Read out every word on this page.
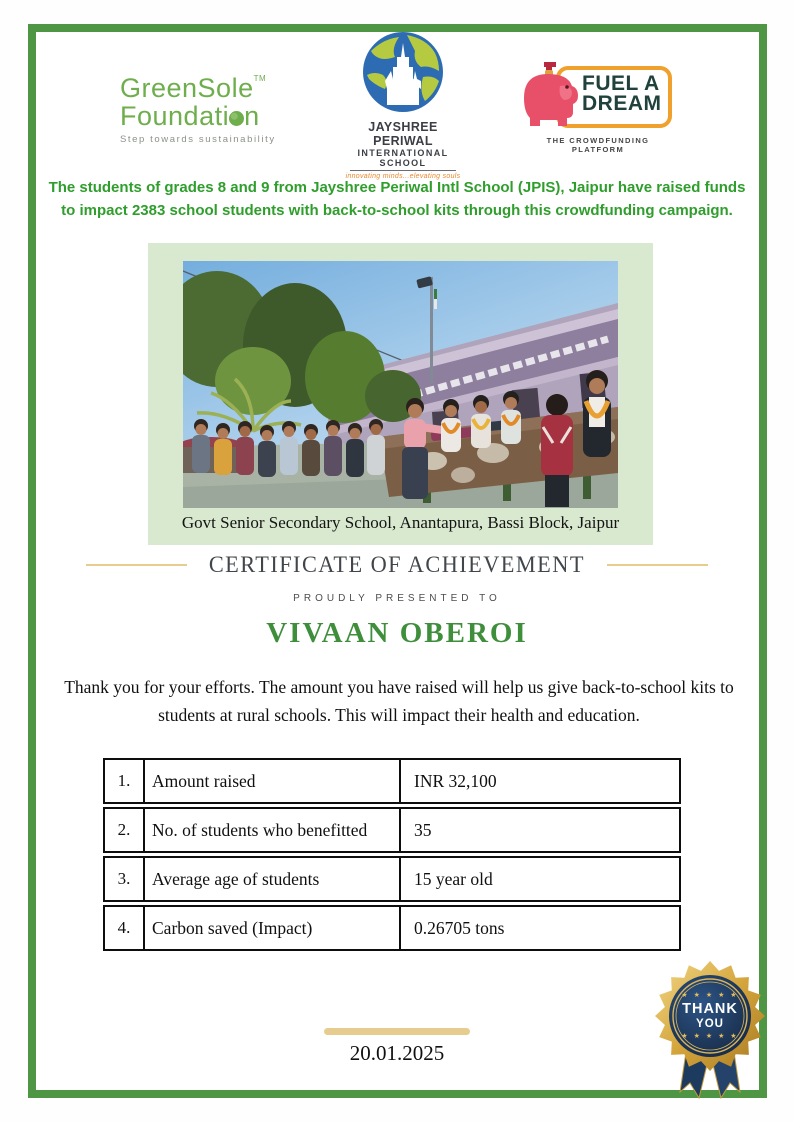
GreenSole™
Foundati n
Step towards sustainability
JAYSHREE PERIWAL
INTERNATIONAL SCHOOL
innovating minds...elevating souls
FUEL A
DREAM
THE CROWDFUNDING PLATFORM
The students of grades 8 and 9 from Jayshree Periwal Intl School (JPIS), Jaipur have raised funds to impact 2383 school students with back-to-school kits through this crowdfunding campaign.
Govt Senior Secondary School, Anantapura, Bassi Block, Jaipur
CERTIFICATE OF ACHIEVEMENT
PROUDLY PRESENTED TO
VIVAAN OBEROI
Thank you for your efforts. The amount you have raised will help us give back-to-school kits to students at rural schools. This will impact their health and education.
1.	Amount raised	INR 32,100
2.	No. of students who benefitted	35
3.	Average age of students	15 year old
4.	Carbon saved (Impact)	0.26705 tons
20.01.2025
★ ★ ★ ★ ★
THANK
YOU
★ ★ ★ ★ ★
